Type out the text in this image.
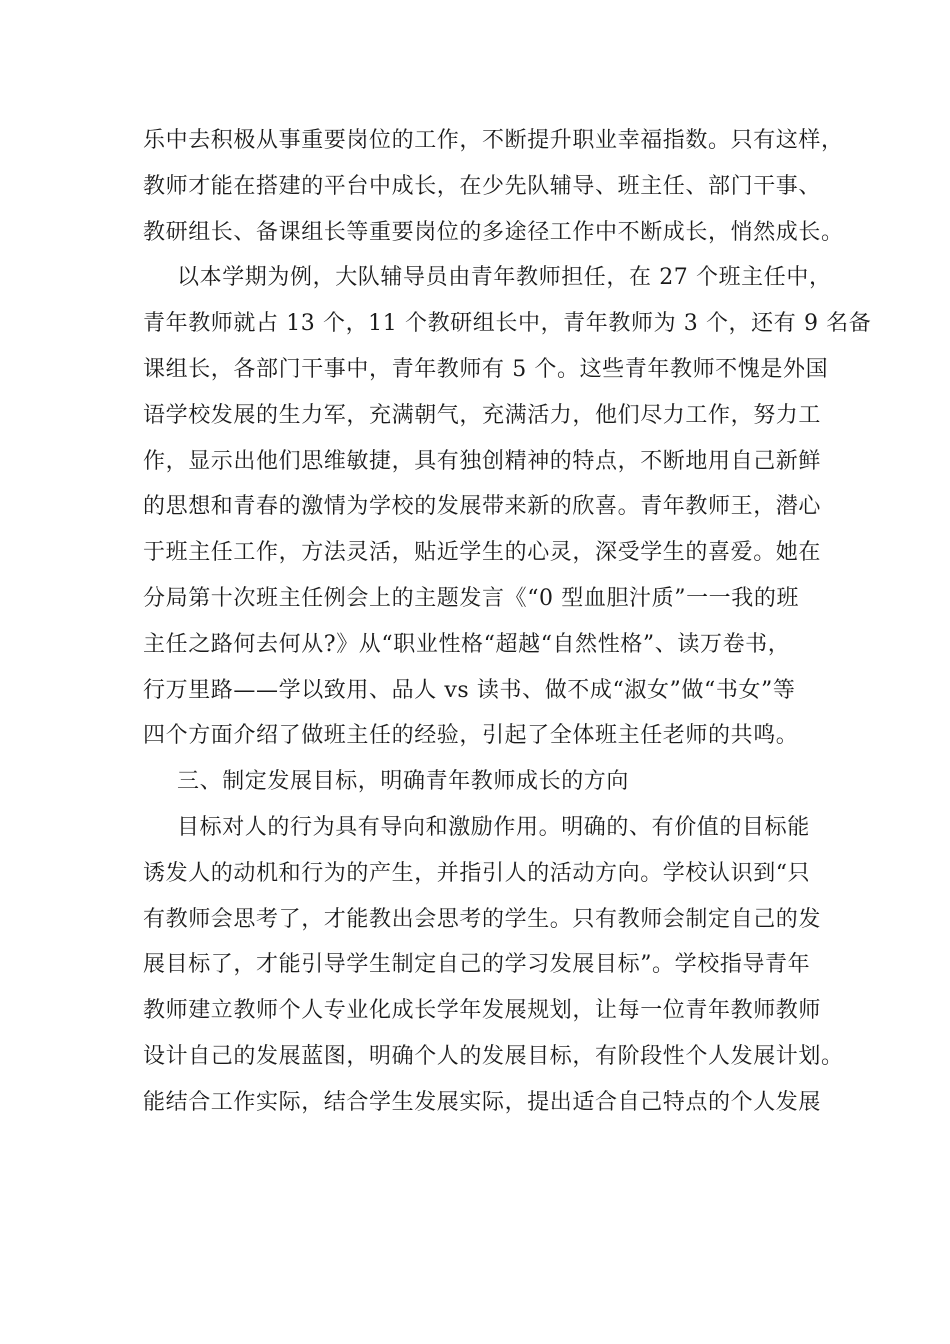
乐中去积极从事重要岗位的工作，不断提升职业幸福指数。只有这样，
教师才能在搭建的平台中成长，在少先队辅导、班主任、部门干事、
教研组长、备课组长等重要岗位的多途径工作中不断成长，悄然成长。
以本学期为例，大队辅导员由青年教师担任，在 27 个班主任中，
青年教师就占 13 个，11 个教研组长中，青年教师为 3 个，还有 9 名备
课组长，各部门干事中，青年教师有 5 个。这些青年教师不愧是外国
语学校发展的生力军，充满朝气，充满活力，他们尽力工作，努力工
作，显示出他们思维敏捷，具有独创精神的特点，不断地用自己新鲜
的思想和青春的激情为学校的发展带来新的欣喜。青年教师王，潜心
于班主任工作，方法灵活，贴近学生的心灵，深受学生的喜爱。她在
分局第十次班主任例会上的主题发言《“0 型血胆汁质”一一我的班
主任之路何去何从?》从“职业性格“超越“自然性格”、读万卷书，
行万里路——学以致用、品人 vs 读书、做不成“淑女”做“书女”等
四个方面介绍了做班主任的经验，引起了全体班主任老师的共鸣。
三、制定发展目标，明确青年教师成长的方向
目标对人的行为具有导向和激励作用。明确的、有价值的目标能
诱发人的动机和行为的产生，并指引人的活动方向。学校认识到“只
有教师会思考了，才能教出会思考的学生。只有教师会制定自己的发
展目标了，才能引导学生制定自己的学习发展目标”。学校指导青年
教师建立教师个人专业化成长学年发展规划，让每一位青年教师教师
设计自己的发展蓝图，明确个人的发展目标，有阶段性个人发展计划。
能结合工作实际，结合学生发展实际，提出适合自己特点的个人发展
